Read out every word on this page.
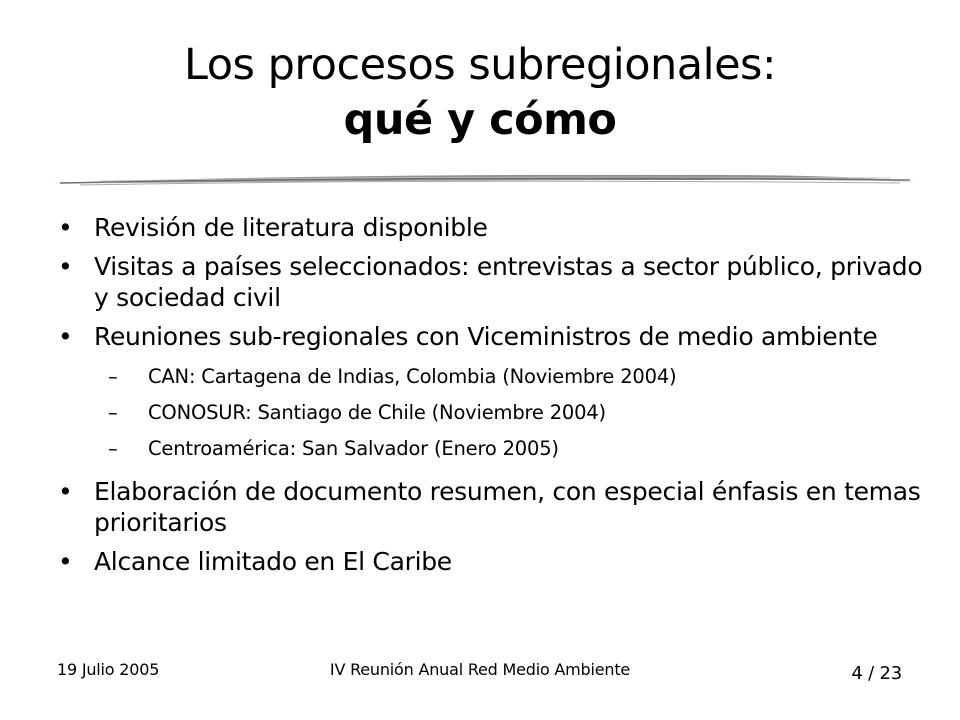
Los procesos subregionales:
qué y cómo
• Revisión de literatura disponible
• Visitas a países seleccionados: entrevistas a sector público, privado y sociedad civil
• Reuniones sub-regionales con Viceministros de medio ambiente
– CAN: Cartagena de Indias, Colombia (Noviembre 2004)
– CONOSUR: Santiago de Chile (Noviembre 2004)
– Centroamérica: San Salvador (Enero 2005)
• Elaboración de documento resumen, con especial énfasis en temas prioritarios
• Alcance limitado en El Caribe
19 Julio 2005	IV Reunión Anual Red Medio Ambiente	4 / 23
